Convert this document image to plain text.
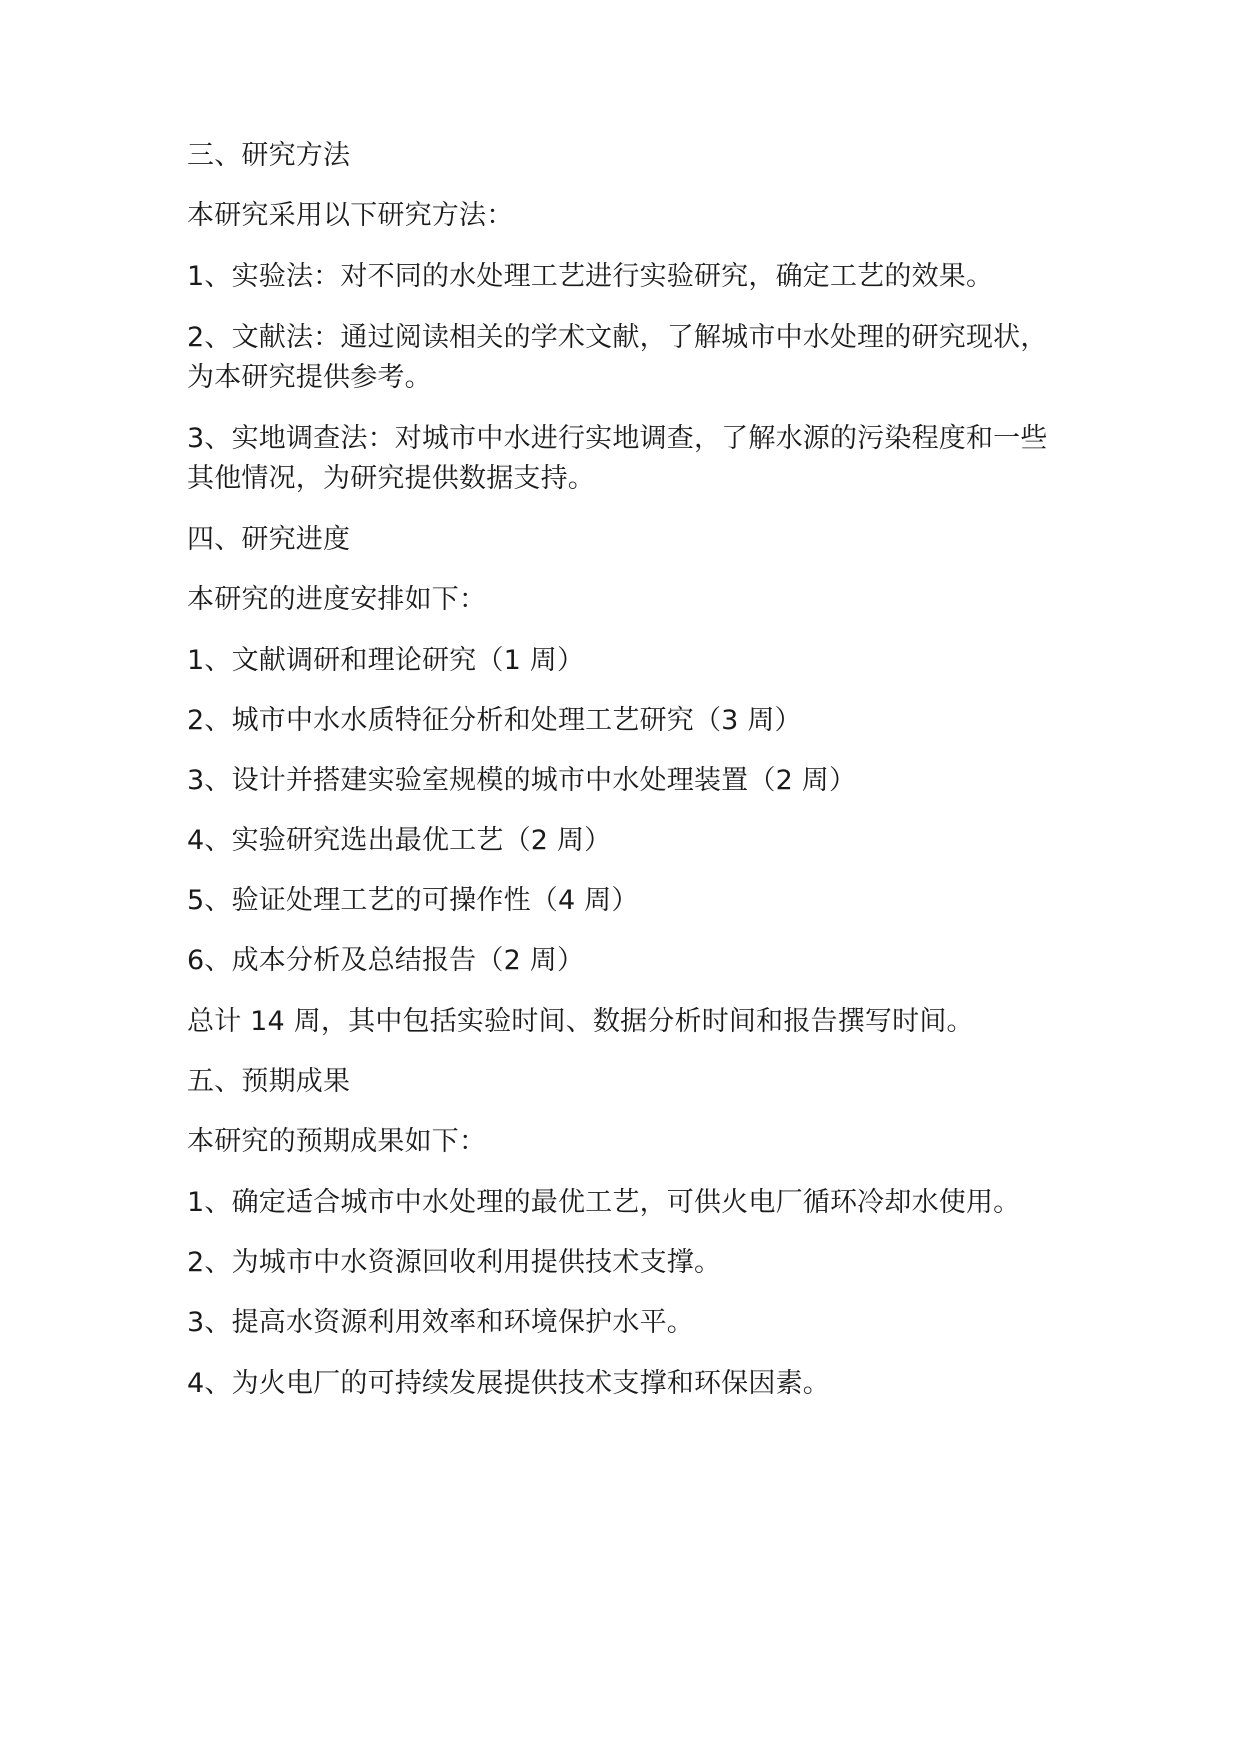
三、研究方法
本研究采用以下研究方法：
1、实验法：对不同的水处理工艺进行实验研究，确定工艺的效果。
2、文献法：通过阅读相关的学术文献，了解城市中水处理的研究现状，
为本研究提供参考。
3、实地调查法：对城市中水进行实地调查，了解水源的污染程度和一些
其他情况，为研究提供数据支持。
四、研究进度
本研究的进度安排如下：
1、文献调研和理论研究（1 周）
2、城市中水水质特征分析和处理工艺研究（3 周）
3、设计并搭建实验室规模的城市中水处理装置（2 周）
4、实验研究选出最优工艺（2 周）
5、验证处理工艺的可操作性（4 周）
6、成本分析及总结报告（2 周）
总计 14 周，其中包括实验时间、数据分析时间和报告撰写时间。
五、预期成果
本研究的预期成果如下：
1、确定适合城市中水处理的最优工艺，可供火电厂循环冷却水使用。
2、为城市中水资源回收利用提供技术支撑。
3、提高水资源利用效率和环境保护水平。
4、为火电厂的可持续发展提供技术支撑和环保因素。
